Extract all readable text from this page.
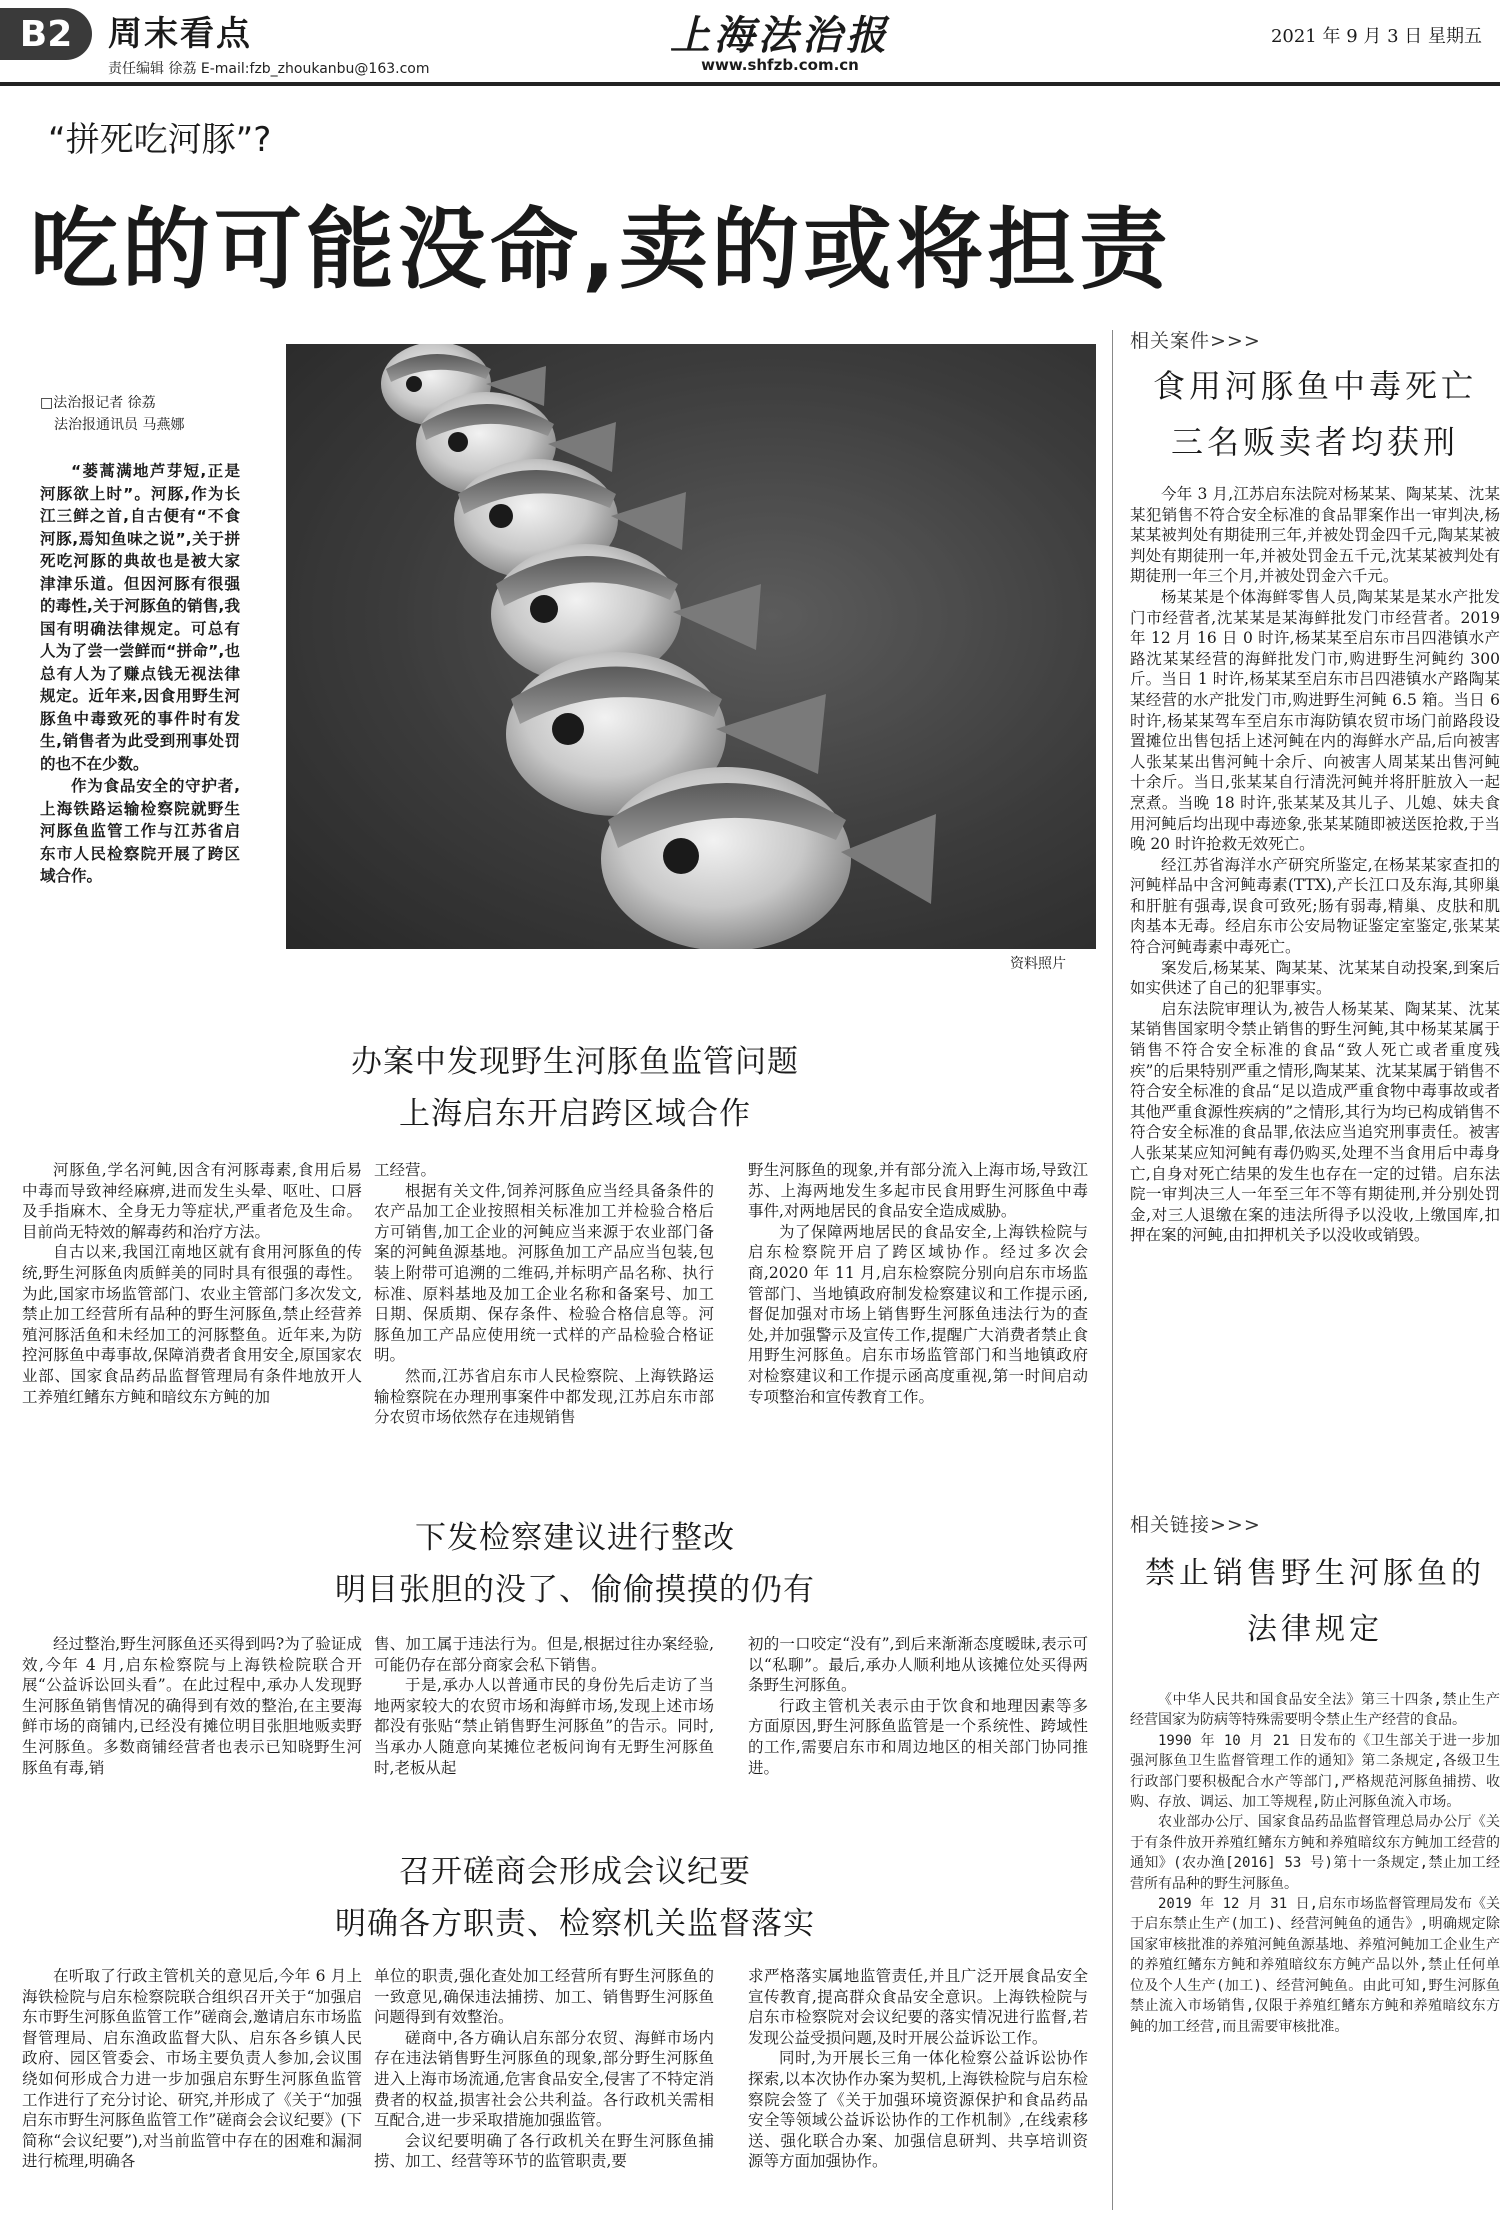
B2	周末看点
责任编辑 徐荔 E-mail:fzb_zhoukanbu@163.com
上海法治报
www.shfzb.com.cn
2021 年 9 月 3 日 星期五
“拼死吃河豚”?
吃的可能没命,卖的或将担责
□法治报记者 徐荔
法治报通讯员 马燕娜

“蒌蒿满地芦芽短,正是河豚欲上时”。河豚,作为长江三鲜之首,自古便有“不食河豚,焉知鱼味之说”,关于拼死吃河豚的典故也是被大家津津乐道。但因河豚有很强的毒性,关于河豚鱼的销售,我国有明确法律规定。可总有人为了尝一尝鲜而“拼命”,也总有人为了赚点钱无视法律规定。近年来,因食用野生河豚鱼中毒致死的事件时有发生,销售者为此受到刑事处罚的也不在少数。

作为食品安全的守护者,上海铁路运输检察院就野生河豚鱼监管工作与江苏省启东市人民检察院开展了跨区域合作。

资料照片
办案中发现野生河豚鱼监管问题
上海启东开启跨区域合作

河豚鱼,学名河鲀,因含有河豚毒素,食用后易中毒而导致神经麻痹,进而发生头晕、呕吐、口唇及手指麻木、全身无力等症状,严重者危及生命。目前尚无特效的解毒药和治疗方法。

自古以来,我国江南地区就有食用河豚鱼的传统,野生河豚鱼肉质鲜美的同时具有很强的毒性。为此,国家市场监管部门、农业主管部门多次发文,禁止加工经营所有品种的野生河豚鱼,禁止经营养殖河豚活鱼和未经加工的河豚整鱼。近年来,为防控河豚鱼中毒事故,保障消费者食用安全,原国家农业部、国家食品药品监督管理局有条件地放开人工养殖红鳍东方鲀和暗纹东方鲀的加

工经营。

根据有关文件,饲养河豚鱼应当经具备条件的农产品加工企业按照相关标准加工并检验合格后方可销售,加工企业的河鲀应当来源于农业部门备案的河鲀鱼源基地。河豚鱼加工产品应当包装,包装上附带可追溯的二维码,并标明产品名称、执行标准、原料基地及加工企业名称和备案号、加工日期、保质期、保存条件、检验合格信息等。河豚鱼加工产品应使用统一式样的产品检验合格证明。

然而,江苏省启东市人民检察院、上海铁路运输检察院在办理刑事案件中都发现,江苏启东市部分农贸市场依然存在违规销售

野生河豚鱼的现象,并有部分流入上海市场,导致江苏、上海两地发生多起市民食用野生河豚鱼中毒事件,对两地居民的食品安全造成威胁。

为了保障两地居民的食品安全,上海铁检院与启东检察院开启了跨区域协作。经过多次会商,2020 年 11 月,启东检察院分别向启东市场监管部门、当地镇政府制发检察建议和工作提示函,督促加强对市场上销售野生河豚鱼违法行为的查处,并加强警示及宣传工作,提醒广大消费者禁止食用野生河豚鱼。启东市场监管部门和当地镇政府对检察建议和工作提示函高度重视,第一时间启动专项整治和宣传教育工作。

下发检察建议进行整改
明目张胆的没了、偷偷摸摸的仍有

经过整治,野生河豚鱼还买得到吗?为了验证成效,今年 4 月,启东检察院与上海铁检院联合开展“公益诉讼回头看”。在此过程中,承办人发现野生河豚鱼销售情况的确得到有效的整治,在主要海鲜市场的商铺内,已经没有摊位明目张胆地贩卖野生河豚鱼。多数商铺经营者也表示已知晓野生河豚鱼有毒,销

售、加工属于违法行为。但是,根据过往办案经验,可能仍存在部分商家会私下销售。

于是,承办人以普通市民的身份先后走访了当地两家较大的农贸市场和海鲜市场,发现上述市场都没有张贴“禁止销售野生河豚鱼”的告示。同时,当承办人随意向某摊位老板问询有无野生河豚鱼时,老板从起

初的一口咬定“没有”,到后来渐渐态度暧昧,表示可以“私聊”。最后,承办人顺利地从该摊位处买得两条野生河豚鱼。

行政主管机关表示由于饮食和地理因素等多方面原因,野生河豚鱼监管是一个系统性、跨域性的工作,需要启东市和周边地区的相关部门协同推进。

召开磋商会形成会议纪要
明确各方职责、检察机关监督落实

在听取了行政主管机关的意见后,今年 6 月上海铁检院与启东检察院联合组织召开关于“加强启东市野生河豚鱼监管工作”磋商会,邀请启东市场监督管理局、启东渔政监督大队、启东各乡镇人民政府、园区管委会、市场主要负责人参加,会议围绕如何形成合力进一步加强启东野生河豚鱼监管工作进行了充分讨论、研究,并形成了《关于“加强启东市野生河豚鱼监管工作”磋商会会议纪要》(下简称“会议纪要”),对当前监管中存在的困难和漏洞进行梳理,明确各

单位的职责,强化查处加工经营所有野生河豚鱼的一致意见,确保违法捕捞、加工、销售野生河豚鱼问题得到有效整治。

磋商中,各方确认启东部分农贸、海鲜市场内存在违法销售野生河豚鱼的现象,部分野生河豚鱼进入上海市场流通,危害食品安全,侵害了不特定消费者的权益,损害社会公共利益。各行政机关需相互配合,进一步采取措施加强监管。

会议纪要明确了各行政机关在野生河豚鱼捕捞、加工、经营等环节的监管职责,要

求严格落实属地监管责任,并且广泛开展食品安全宣传教育,提高群众食品安全意识。上海铁检院与启东市检察院对会议纪要的落实情况进行监督,若发现公益受损问题,及时开展公益诉讼工作。

同时,为开展长三角一体化检察公益诉讼协作探索,以本次协作办案为契机,上海铁检院与启东检察院会签了《关于加强环境资源保护和食品药品安全等领域公益诉讼协作的工作机制》,在线索移送、强化联合办案、加强信息研判、共享培训资源等方面加强协作。

相关案件>>>
食用河豚鱼中毒死亡
三名贩卖者均获刑

今年 3 月,江苏启东法院对杨某某、陶某某、沈某某犯销售不符合安全标准的食品罪案作出一审判决,杨某某被判处有期徒刑三年,并被处罚金四千元,陶某某被判处有期徒刑一年,并被处罚金五千元,沈某某被判处有期徒刑一年三个月,并被处罚金六千元。

杨某某是个体海鲜零售人员,陶某某是某水产批发门市经营者,沈某某是某海鲜批发门市经营者。2019 年 12 月 16 日 0 时许,杨某某至启东市吕四港镇水产路沈某某经营的海鲜批发门市,购进野生河鲀约 300 斤。当日 1 时许,杨某某至启东市吕四港镇水产路陶某某经营的水产批发门市,购进野生河鲀 6.5 箱。当日 6 时许,杨某某驾车至启东市海防镇农贸市场门前路段设置摊位出售包括上述河鲀在内的海鲜水产品,后向被害人张某某出售河鲀十余斤、向被害人周某某出售河鲀十余斤。当日,张某某自行清洗河鲀并将肝脏放入一起烹煮。当晚 18 时许,张某某及其儿子、儿媳、妹夫食用河鲀后均出现中毒迹象,张某某随即被送医抢救,于当晚 20 时许抢救无效死亡。

经江苏省海洋水产研究所鉴定,在杨某某家查扣的河鲀样品中含河鲀毒素(TTX),产长江口及东海,其卵巢和肝脏有强毒,误食可致死;肠有弱毒,精巢、皮肤和肌肉基本无毒。经启东市公安局物证鉴定室鉴定,张某某符合河鲀毒素中毒死亡。

案发后,杨某某、陶某某、沈某某自动投案,到案后如实供述了自己的犯罪事实。

启东法院审理认为,被告人杨某某、陶某某、沈某某销售国家明令禁止销售的野生河鲀,其中杨某某属于销售不符合安全标准的食品“致人死亡或者重度残疾”的后果特别严重之情形,陶某某、沈某某属于销售不符合安全标准的食品“足以造成严重食物中毒事故或者其他严重食源性疾病的”之情形,其行为均已构成销售不符合安全标准的食品罪,依法应当追究刑事责任。被害人张某某应知河鲀有毒仍购买,处理不当食用后中毒身亡,自身对死亡结果的发生也存在一定的过错。启东法院一审判决三人一年至三年不等有期徒刑,并分别处罚金,对三人退缴在案的违法所得予以没收,上缴国库,扣押在案的河鲀,由扣押机关予以没收或销毁。

相关链接>>>
禁止销售野生河豚鱼的
法律规定

《中华人民共和国食品安全法》第三十四条,禁止生产经营国家为防病等特殊需要明令禁止生产经营的食品。

1990 年 10 月 21 日发布的《卫生部关于进一步加强河豚鱼卫生监督管理工作的通知》第二条规定,各级卫生行政部门要积极配合水产等部门,严格规范河豚鱼捕捞、收购、存放、调运、加工等规程,防止河豚鱼流入市场。

农业部办公厅、国家食品药品监督管理总局办公厅《关于有条件放开养殖红鳍东方鲀和养殖暗纹东方鲀加工经营的通知》(农办渔[2016] 53 号)第十一条规定,禁止加工经营所有品种的野生河豚鱼。

2019 年 12 月 31 日,启东市场监督管理局发布《关于启东禁止生产(加工)、经营河鲀鱼的通告》,明确规定除国家审核批准的养殖河鲀鱼源基地、养殖河鲀加工企业生产的养殖红鳍东方鲀和养殖暗纹东方鲀产品以外,禁止任何单位及个人生产(加工)、经营河鲀鱼。由此可知,野生河豚鱼禁止流入市场销售,仅限于养殖红鳍东方鲀和养殖暗纹东方鲀的加工经营,而且需要审核批准。
